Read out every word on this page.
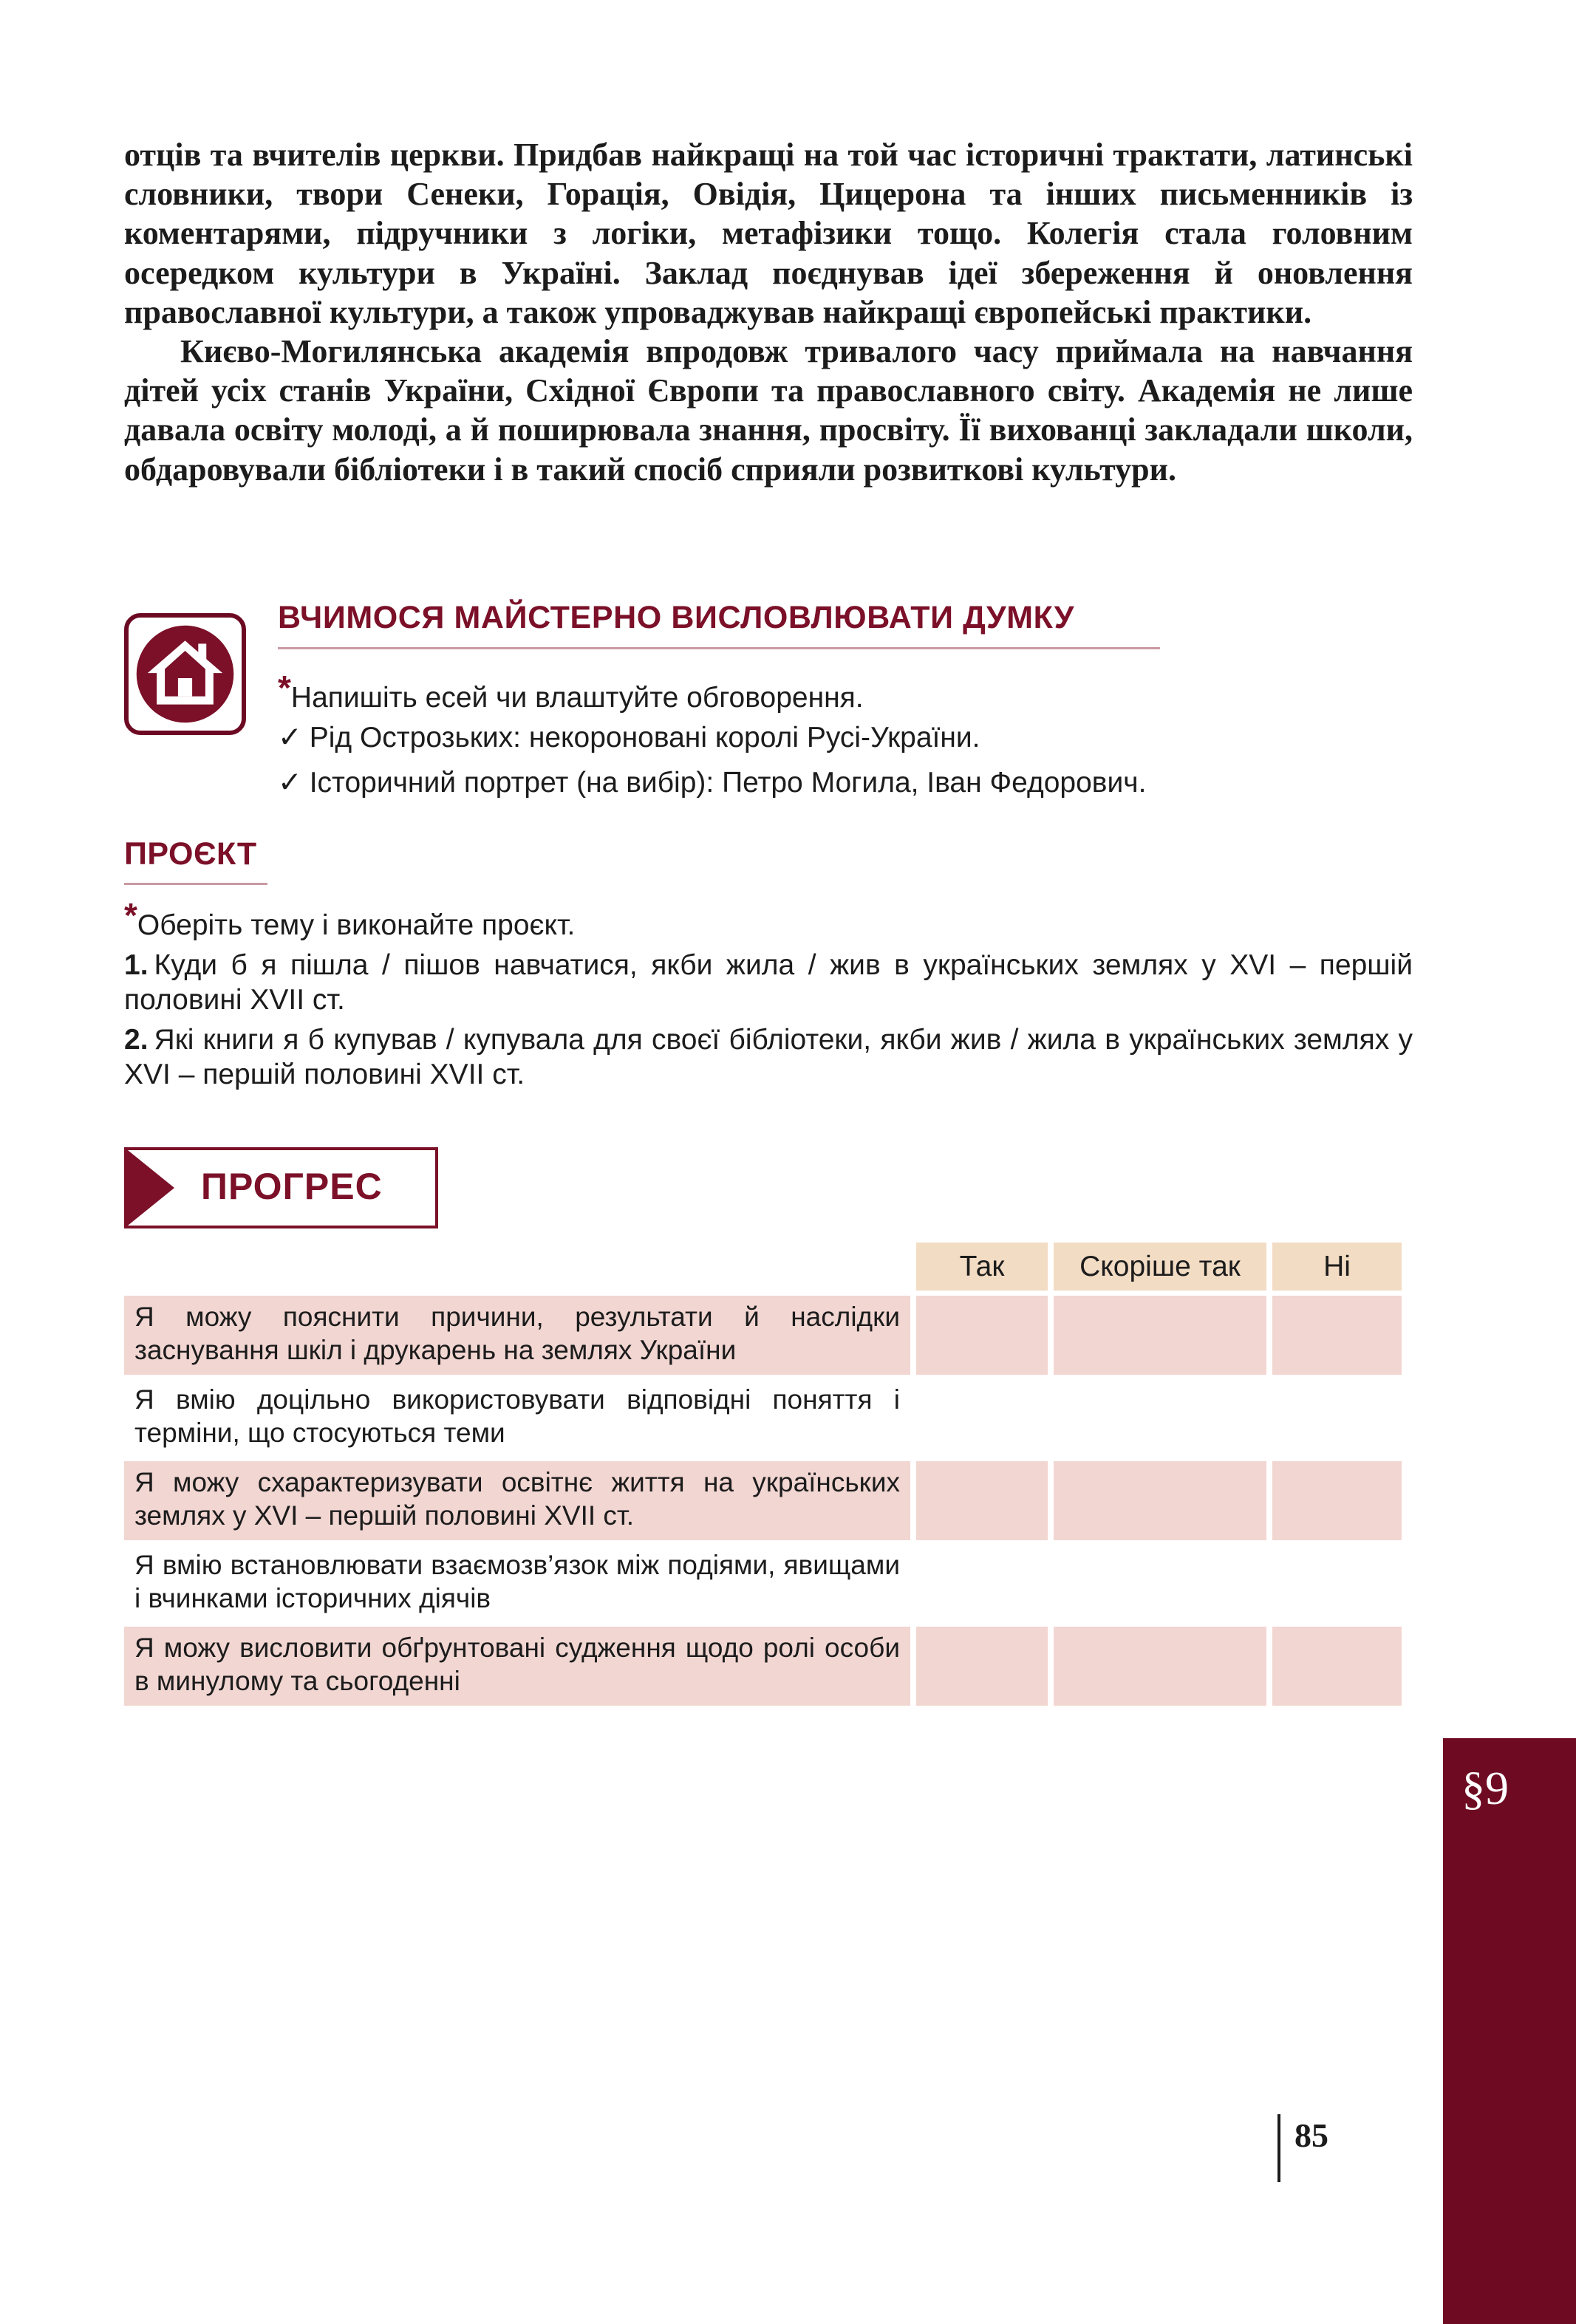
отців та вчителів церкви. Придбав найкращі на той час історичні трактати, латинські словники, твори Сенеки, Горація, Овідія, Цицерона та інших письменників із коментарями, підручники з логіки, метафізики тощо. Колегія стала головним осередком культури в Україні. Заклад поєднував ідеї збереження й оновлення православної культури, а також упроваджував найкращі європейські практики.

Києво-Могилянська академія впродовж тривалого часу приймала на навчання дітей усіх станів України, Східної Європи та православного світу. Академія не лише давала освіту молоді, а й поширювала знання, просвіту. Її вихованці закладали школи, обдаровували бібліотеки і в такий спосіб сприяли розвиткові культури.

ВЧИМОСЯ МАЙСТЕРНО ВИСЛОВЛЮВАТИ ДУМКУ
*Напишіть есей чи влаштуйте обговорення.
✓ Рід Острозьких: некороновані королі Русі-України.
✓ Історичний портрет (на вибір): Петро Могила, Іван Федорович.
ПРОЄКТ
*Оберіть тему і виконайте проєкт.
1. Куди б я пішла / пішов навчатися, якби жила / жив в українських землях у XVI – першій половині XVII ст.
2. Які книги я б купував / купувала для своєї бібліотеки, якби жив / жила в українських землях у XVI – першій половині XVII ст.
ПРОГРЕС
Так	Скоріше так	Ні
Я можу пояснити причини, результати й наслідки заснування шкіл і друкарень на землях України
Я вмію доцільно використовувати відповідні поняття і терміни, що стосуються теми
Я можу схарактеризувати освітнє життя на українських землях у XVI – першій половині XVII ст.
Я вмію встановлювати взаємозв’язок між подіями, явищами і вчинками історичних діячів
Я можу висловити обґрунтовані судження щодо ролі особи в минулому та сьогоденні
§9
85
